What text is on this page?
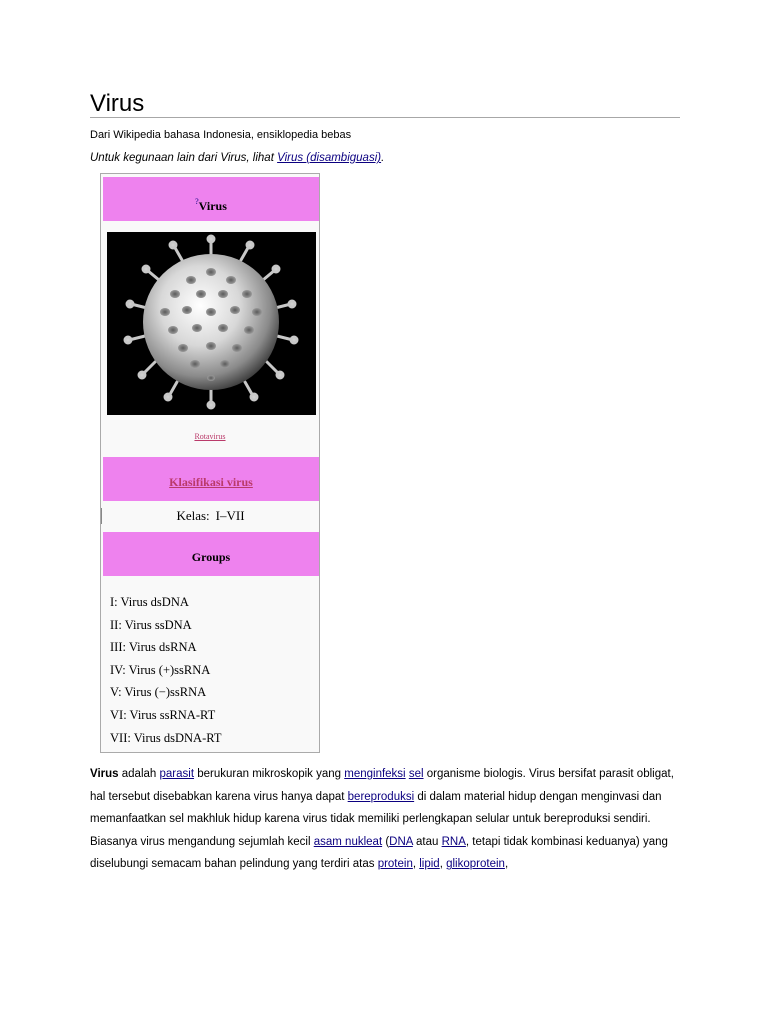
Virus
Dari Wikipedia bahasa Indonesia, ensiklopedia bebas
Untuk kegunaan lain dari Virus, lihat Virus (disambiguasi).
?Virus
Rotavirus
Klasifikasi virus
Kelas: I–VII
Groups
I: Virus dsDNA
II: Virus ssDNA
III: Virus dsRNA
IV: Virus (+)ssRNA
V: Virus (−)ssRNA
VI: Virus ssRNA-RT
VII: Virus dsDNA-RT

Virus adalah parasit berukuran mikroskopik yang menginfeksi sel organisme biologis. Virus bersifat parasit obligat, hal tersebut disebabkan karena virus hanya dapat bereproduksi di dalam material hidup dengan menginvasi dan memanfaatkan sel makhluk hidup karena virus tidak memiliki perlengkapan selular untuk bereproduksi sendiri. Biasanya virus mengandung sejumlah kecil asam nukleat (DNA atau RNA, tetapi tidak kombinasi keduanya) yang diselubungi semacam bahan pelindung yang terdiri atas protein, lipid, glikoprotein,
